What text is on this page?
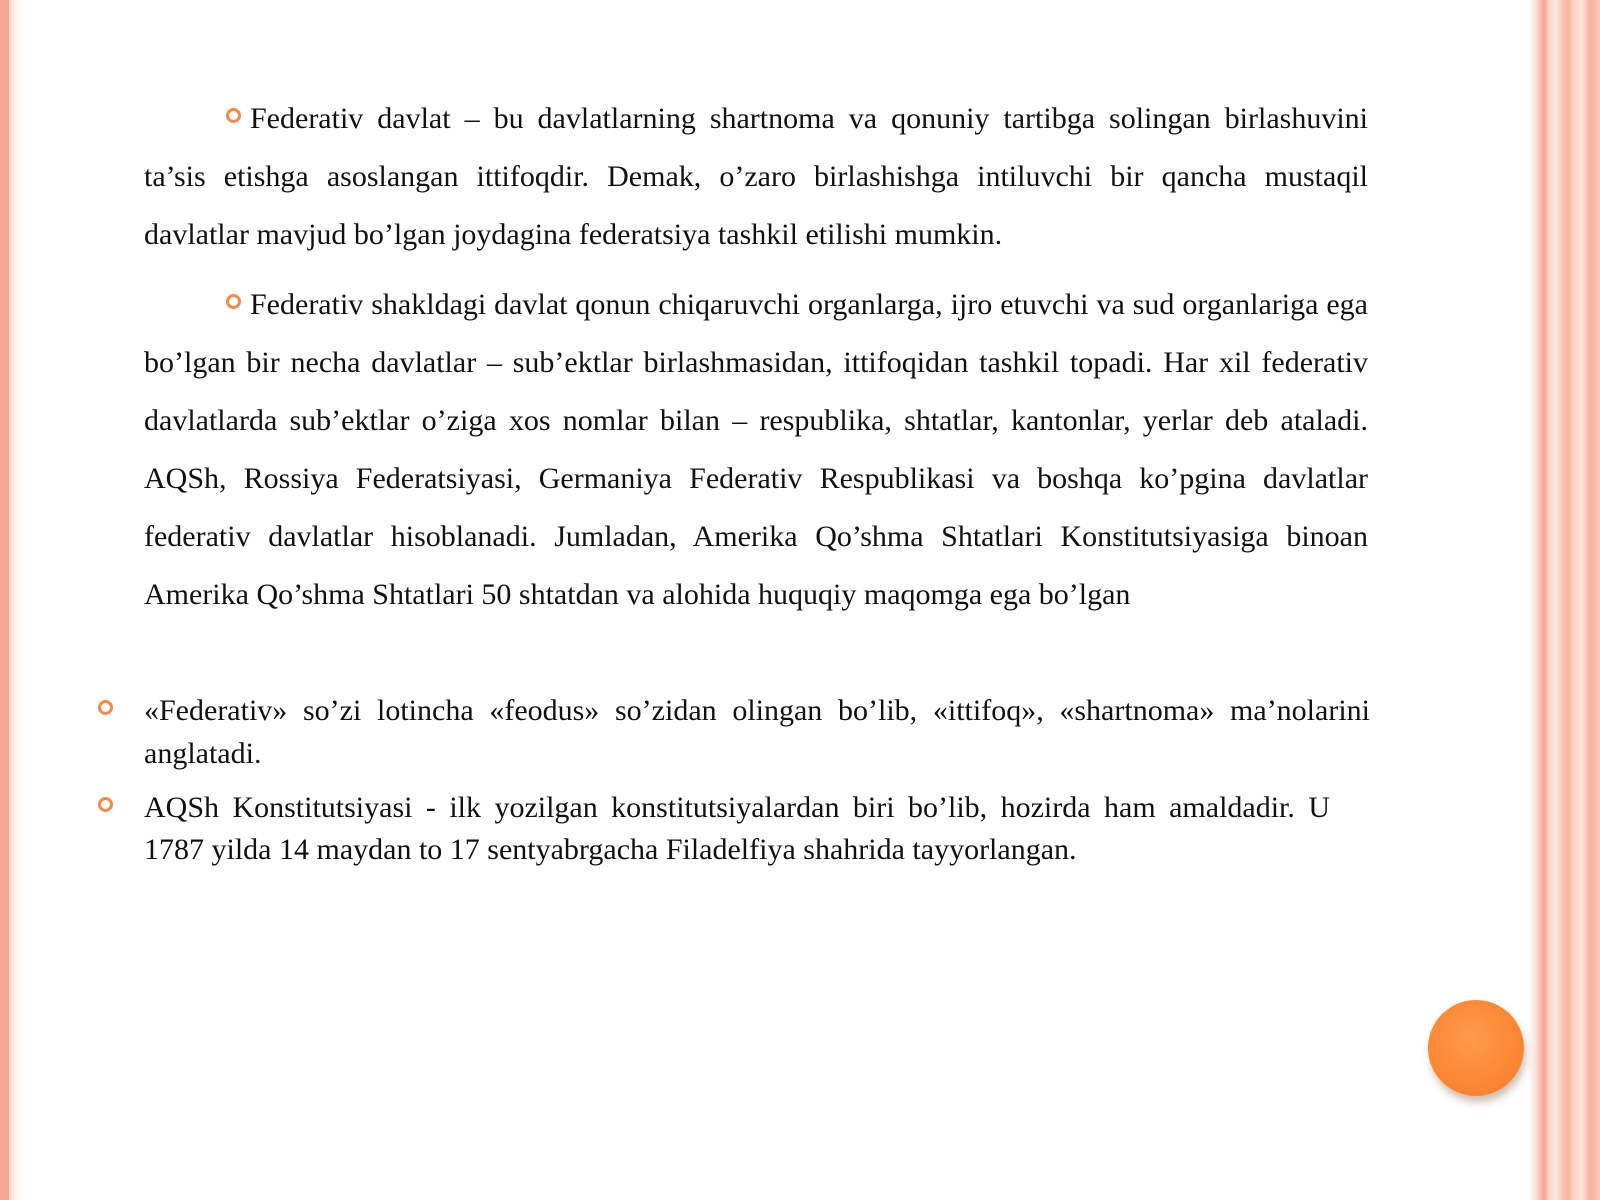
Federativ davlat – bu davlatlarning shartnoma va qonuniy tartibga solingan birlashuvini ta’sis etishga asoslangan ittifoqdir. Demak, o’zaro birlashishga intiluvchi bir qancha mustaqil davlatlar mavjud bo’lgan joydagina federatsiya tashkil etilishi mumkin.

Federativ shakldagi davlat qonun chiqaruvchi organlarga, ijro etuvchi va sud organlariga ega bo’lgan bir necha davlatlar – sub’ektlar birlashmasidan, ittifoqidan tashkil topadi. Har xil federativ davlatlarda sub’ektlar o’ziga xos nomlar bilan – respublika, shtatlar, kantonlar, yerlar deb ataladi. AQSh, Rossiya Federatsiyasi, Germaniya Federativ Respublikasi va boshqa ko’pgina davlatlar federativ davlatlar hisoblanadi. Jumladan, Amerika Qo’shma Shtatlari Konstitutsiyasiga binoan Amerika Qo’shma Shtatlari 50 shtatdan va alohida huquqiy maqomga ega bo’lgan

«Federativ» so’zi lotincha «feodus» so’zidan olingan bo’lib, «ittifoq», «shartnoma» ma’nolarini anglatadi.

AQSh Konstitutsiyasi - ilk yozilgan konstitutsiyalardan biri bo’lib, hozirda ham amaldadir. U 1787 yilda 14 maydan to 17 sentyabrgacha Filadelfiya shahrida tayyorlangan.
